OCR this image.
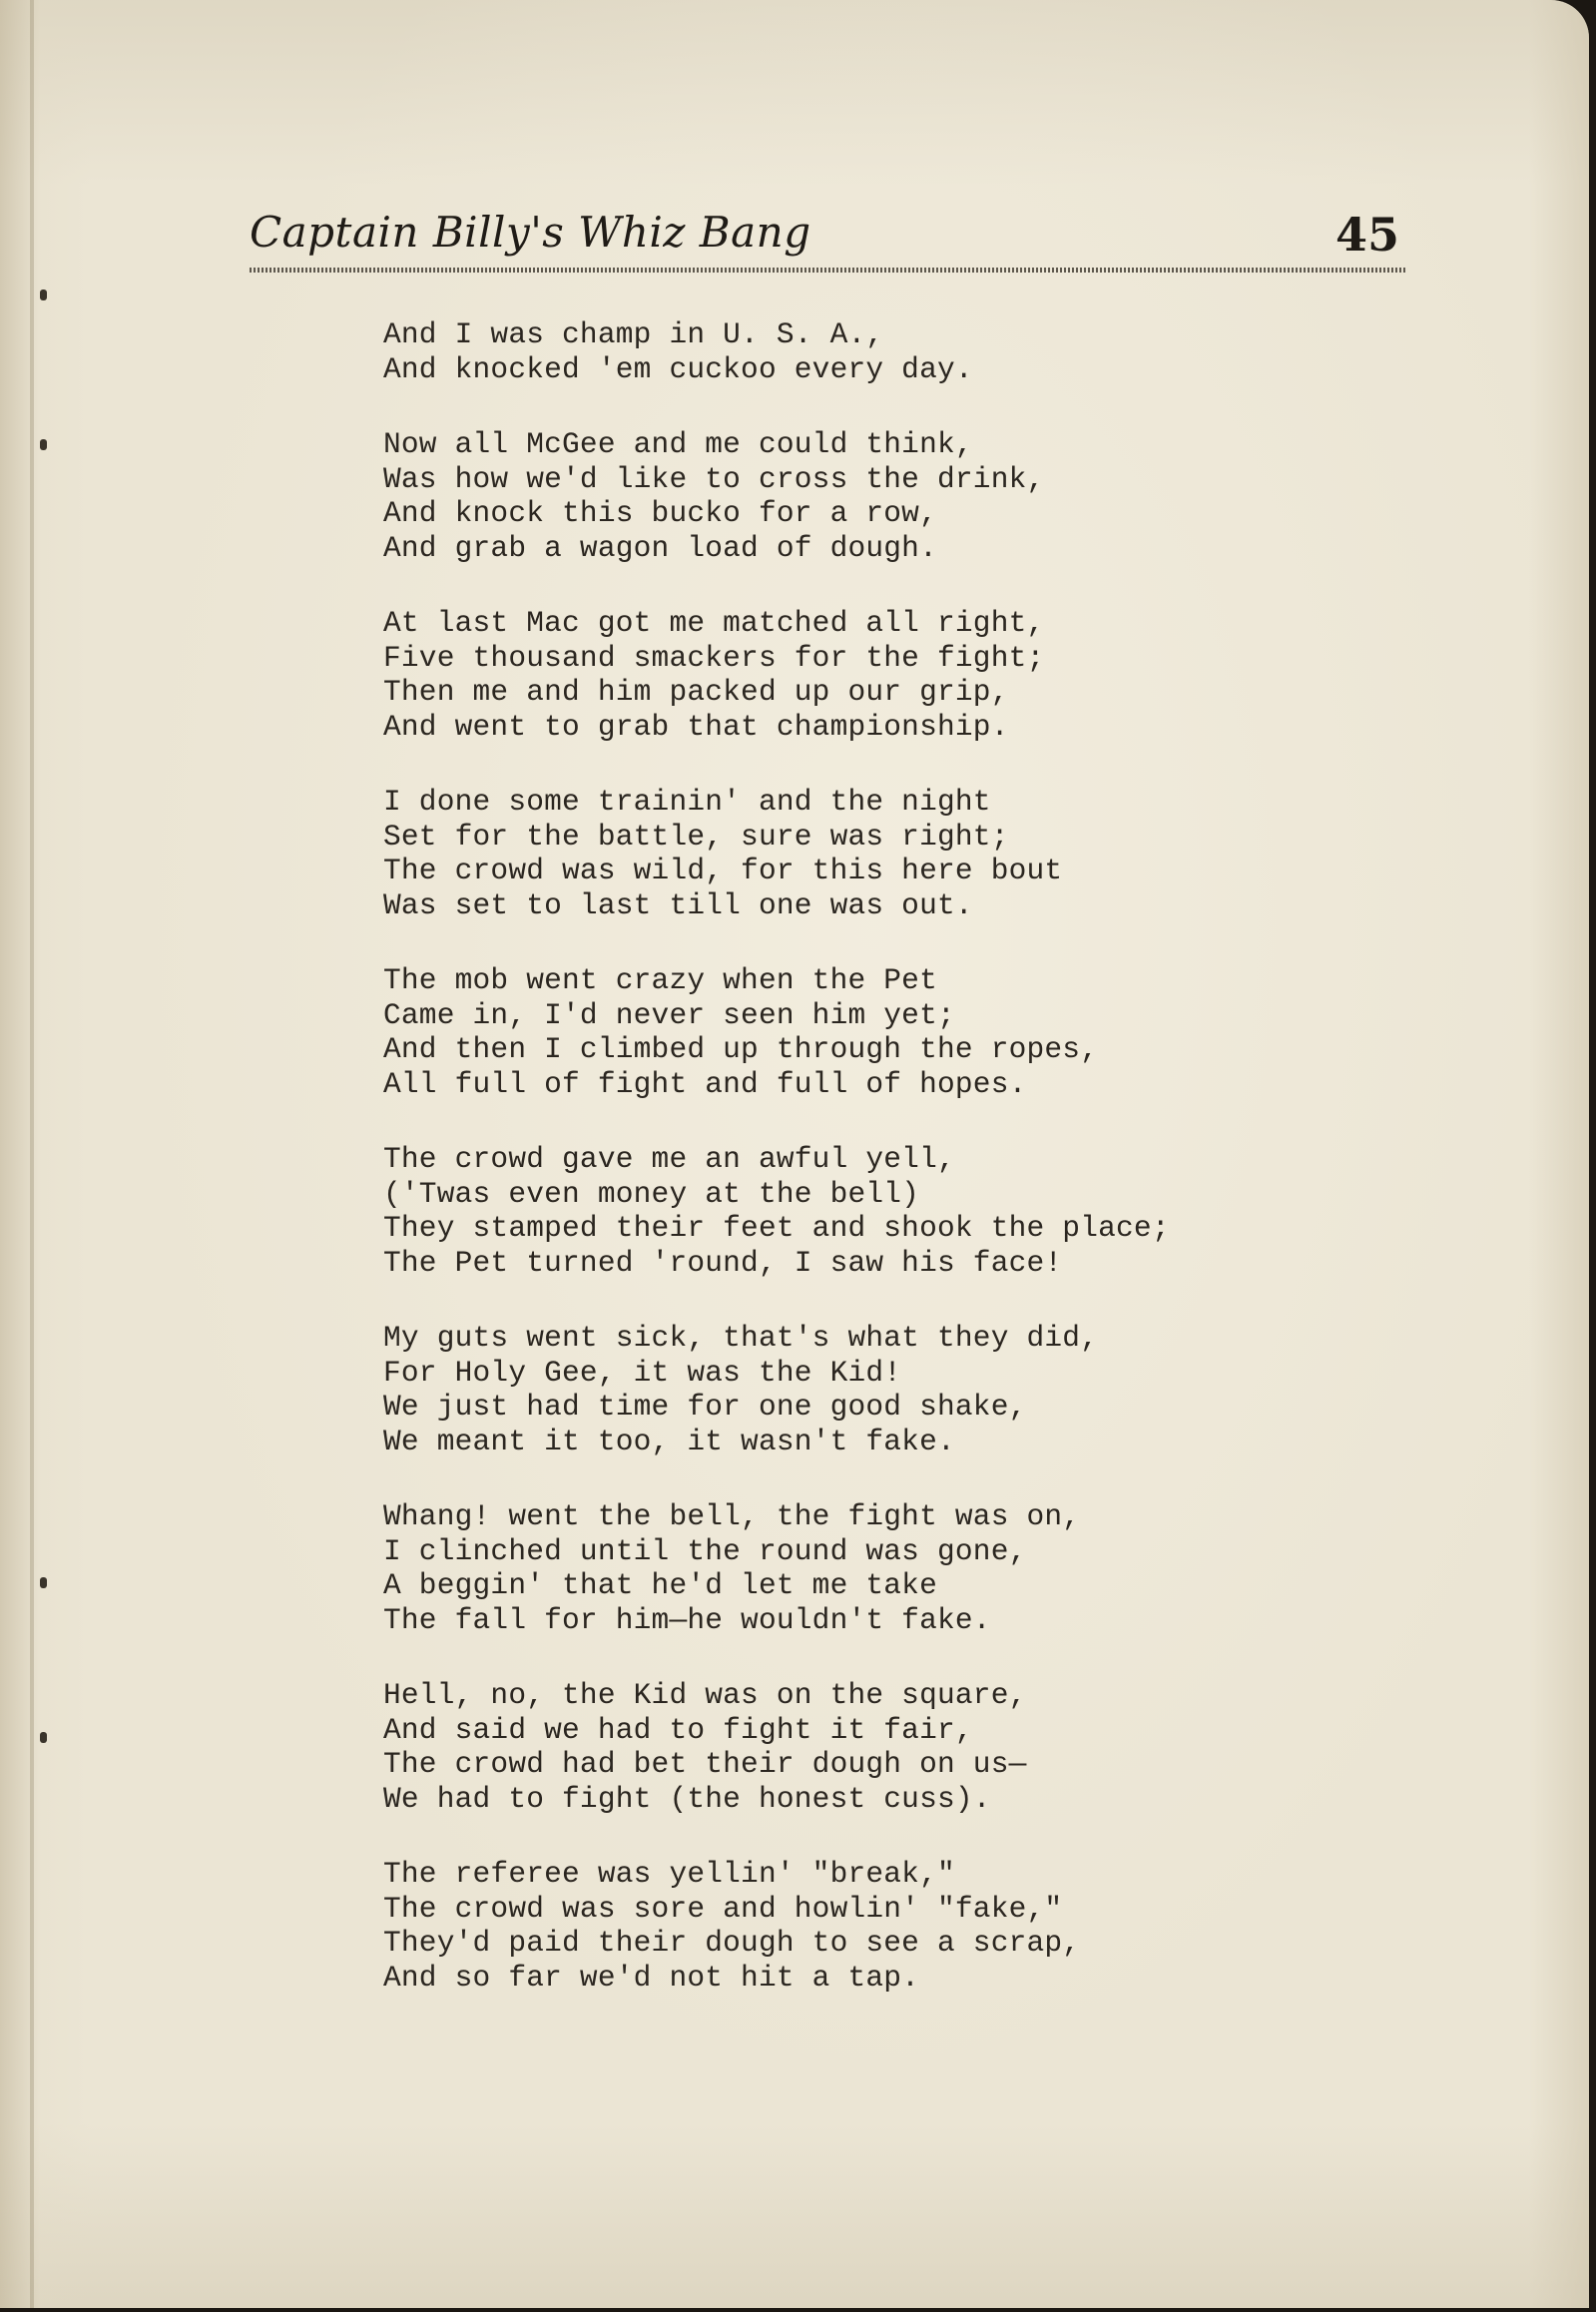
Captain Billy's Whiz Bang	45
And I was champ in U. S. A.,
And knocked 'em cuckoo every day.
Now all McGee and me could think,
Was how we'd like to cross the drink,
And knock this bucko for a row,
And grab a wagon load of dough.
At last Mac got me matched all right,
Five thousand smackers for the fight;
Then me and him packed up our grip,
And went to grab that championship.
I done some trainin' and the night
Set for the battle, sure was right;
The crowd was wild, for this here bout
Was set to last till one was out.
The mob went crazy when the Pet
Came in, I'd never seen him yet;
And then I climbed up through the ropes,
All full of fight and full of hopes.
The crowd gave me an awful yell,
('Twas even money at the bell)
They stamped their feet and shook the place;
The Pet turned 'round, I saw his face!
My guts went sick, that's what they did,
For Holy Gee, it was the Kid!
We just had time for one good shake,
We meant it too, it wasn't fake.
Whang! went the bell, the fight was on,
I clinched until the round was gone,
A beggin' that he'd let me take
The fall for him—he wouldn't fake.
Hell, no, the Kid was on the square,
And said we had to fight it fair,
The crowd had bet their dough on us—
We had to fight (the honest cuss).
The referee was yellin' "break,"
The crowd was sore and howlin' "fake,"
They'd paid their dough to see a scrap,
And so far we'd not hit a tap.
